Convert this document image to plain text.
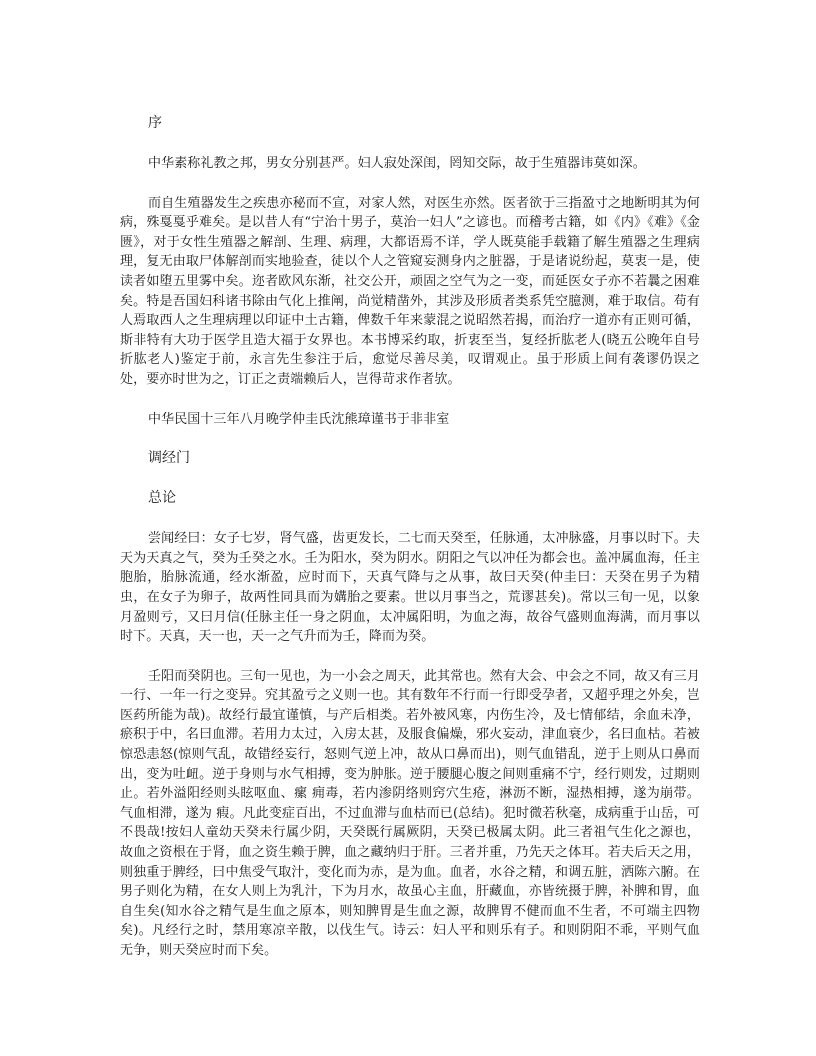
序

中华素称礼教之邦，男女分别甚严。妇人寂处深闺，罔知交际，故于生殖器讳莫如深。

而自生殖器发生之疾患亦秘而不宣，对家人然，对医生亦然。医者欲于三指盈寸之地断明其为何病，殊戛戛乎难矣。是以昔人有“宁治十男子，莫治一妇人”之谚也。而稽考古籍，如《内》《难》《金匮》，对于女性生殖器之解剖、生理、病理，大都语焉不详，学人既莫能手载籍了解生殖器之生理病理，复无由取尸体解剖而实地验查，徒以个人之管窥妄测身内之脏器，于是诸说纷起，莫衷一是，使读者如堕五里雾中矣。迩者欧风东渐，社交公开，顽固之空气为之一变，而延医女子亦不若曩之困难矣。特是吾国妇科诸书除由气化上推阐，尚觉精凿外，其涉及形质者类系凭空臆测，难于取信。苟有人焉取西人之生理病理以印证中土古籍，俾数千年来蒙混之说昭然若揭，而治疗一道亦有正则可循，斯非特有大功于医学且造大福于女界也。本书博采约取，折衷至当，复经折肱老人(晓五公晚年自号折肱老人)鉴定于前，永言先生参注于后，愈觉尽善尽美，叹谓观止。虽于形质上间有袭谬仍误之处，要亦时世为之，订正之责端赖后人，岂得苛求作者欤。

中华民国十三年八月晚学仲圭氏沈熊璋谨书于非非室

调经门

总论

尝闻经曰：女子七岁，肾气盛，齿更发长，二七而天癸至，任脉通，太冲脉盛，月事以时下。夫天为天真之气，癸为壬癸之水。壬为阳水，癸为阴水。阴阳之气以冲任为都会也。盖冲属血海，任主胞胎，胎脉流通，经水渐盈，应时而下，天真气降与之从事，故曰天癸(仲圭曰：天癸在男子为精虫，在女子为卵子，故两性同具而为媾胎之要素。世以月事当之，荒谬甚矣)。常以三旬一见，以象月盈则亏，又曰月信(任脉主任一身之阴血，太冲属阳明，为血之海，故谷气盛则血海满，而月事以时下。天真，天一也，天一之气升而为壬，降而为癸。

壬阳而癸阴也。三旬一见也，为一小会之周天，此其常也。然有大会、中会之不同，故又有三月一行、一年一行之变异。究其盈亏之义则一也。其有数年不行而一行即受孕者，又超乎理之外矣，岂医药所能为哉)。故经行最宜谨慎，与产后相类。若外被风寒，内伤生冷，及七情郁结，余血未净，瘀积于中，名曰血滞。若用力太过，入房太甚，及服食偏燥，邪火妄动，津血衰少，名曰血枯。若被惊恐恚怒(惊则气乱，故错经妄行，怒则气逆上冲，故从口鼻而出)，则气血错乱，逆于上则从口鼻而出，变为吐衄。逆于身则与水气相搏，变为肿胀。逆于腰腿心腹之间则重痛不宁，经行则发，过期则止。若外溢阳经则头眩呕血、瘰 痈毒，若内渗阴络则窍穴生疮，淋沥不断，湿热相搏，遂为崩带。气血相滞，遂为 瘕。凡此变症百出，不过血滞与血枯而已(总结)。犯时微若秋毫，成病重于山岳，可不畏哉!按妇人童幼天癸未行属少阴，天癸既行属厥阴，天癸已极属太阴。此三者祖气生化之源也，故血之资根在于肾，血之资生赖于脾，血之藏纳归于肝。三者并重，乃先天之体耳。若夫后天之用，则独重于脾经，曰中焦受气取汁，变化而为赤，是为血。血者，水谷之精，和调五脏，洒陈六腑。在男子则化为精，在女人则上为乳汁，下为月水，故虽心主血，肝藏血，亦皆统摄于脾，补脾和胃，血自生矣(知水谷之精气是生血之原本，则知脾胃是生血之源，故脾胃不健而血不生者，不可端主四物矣)。凡经行之时，禁用寒凉辛散，以伐生气。诗云：妇人平和则乐有子。和则阴阳不乖，平则气血无争，则天癸应时而下矣。
